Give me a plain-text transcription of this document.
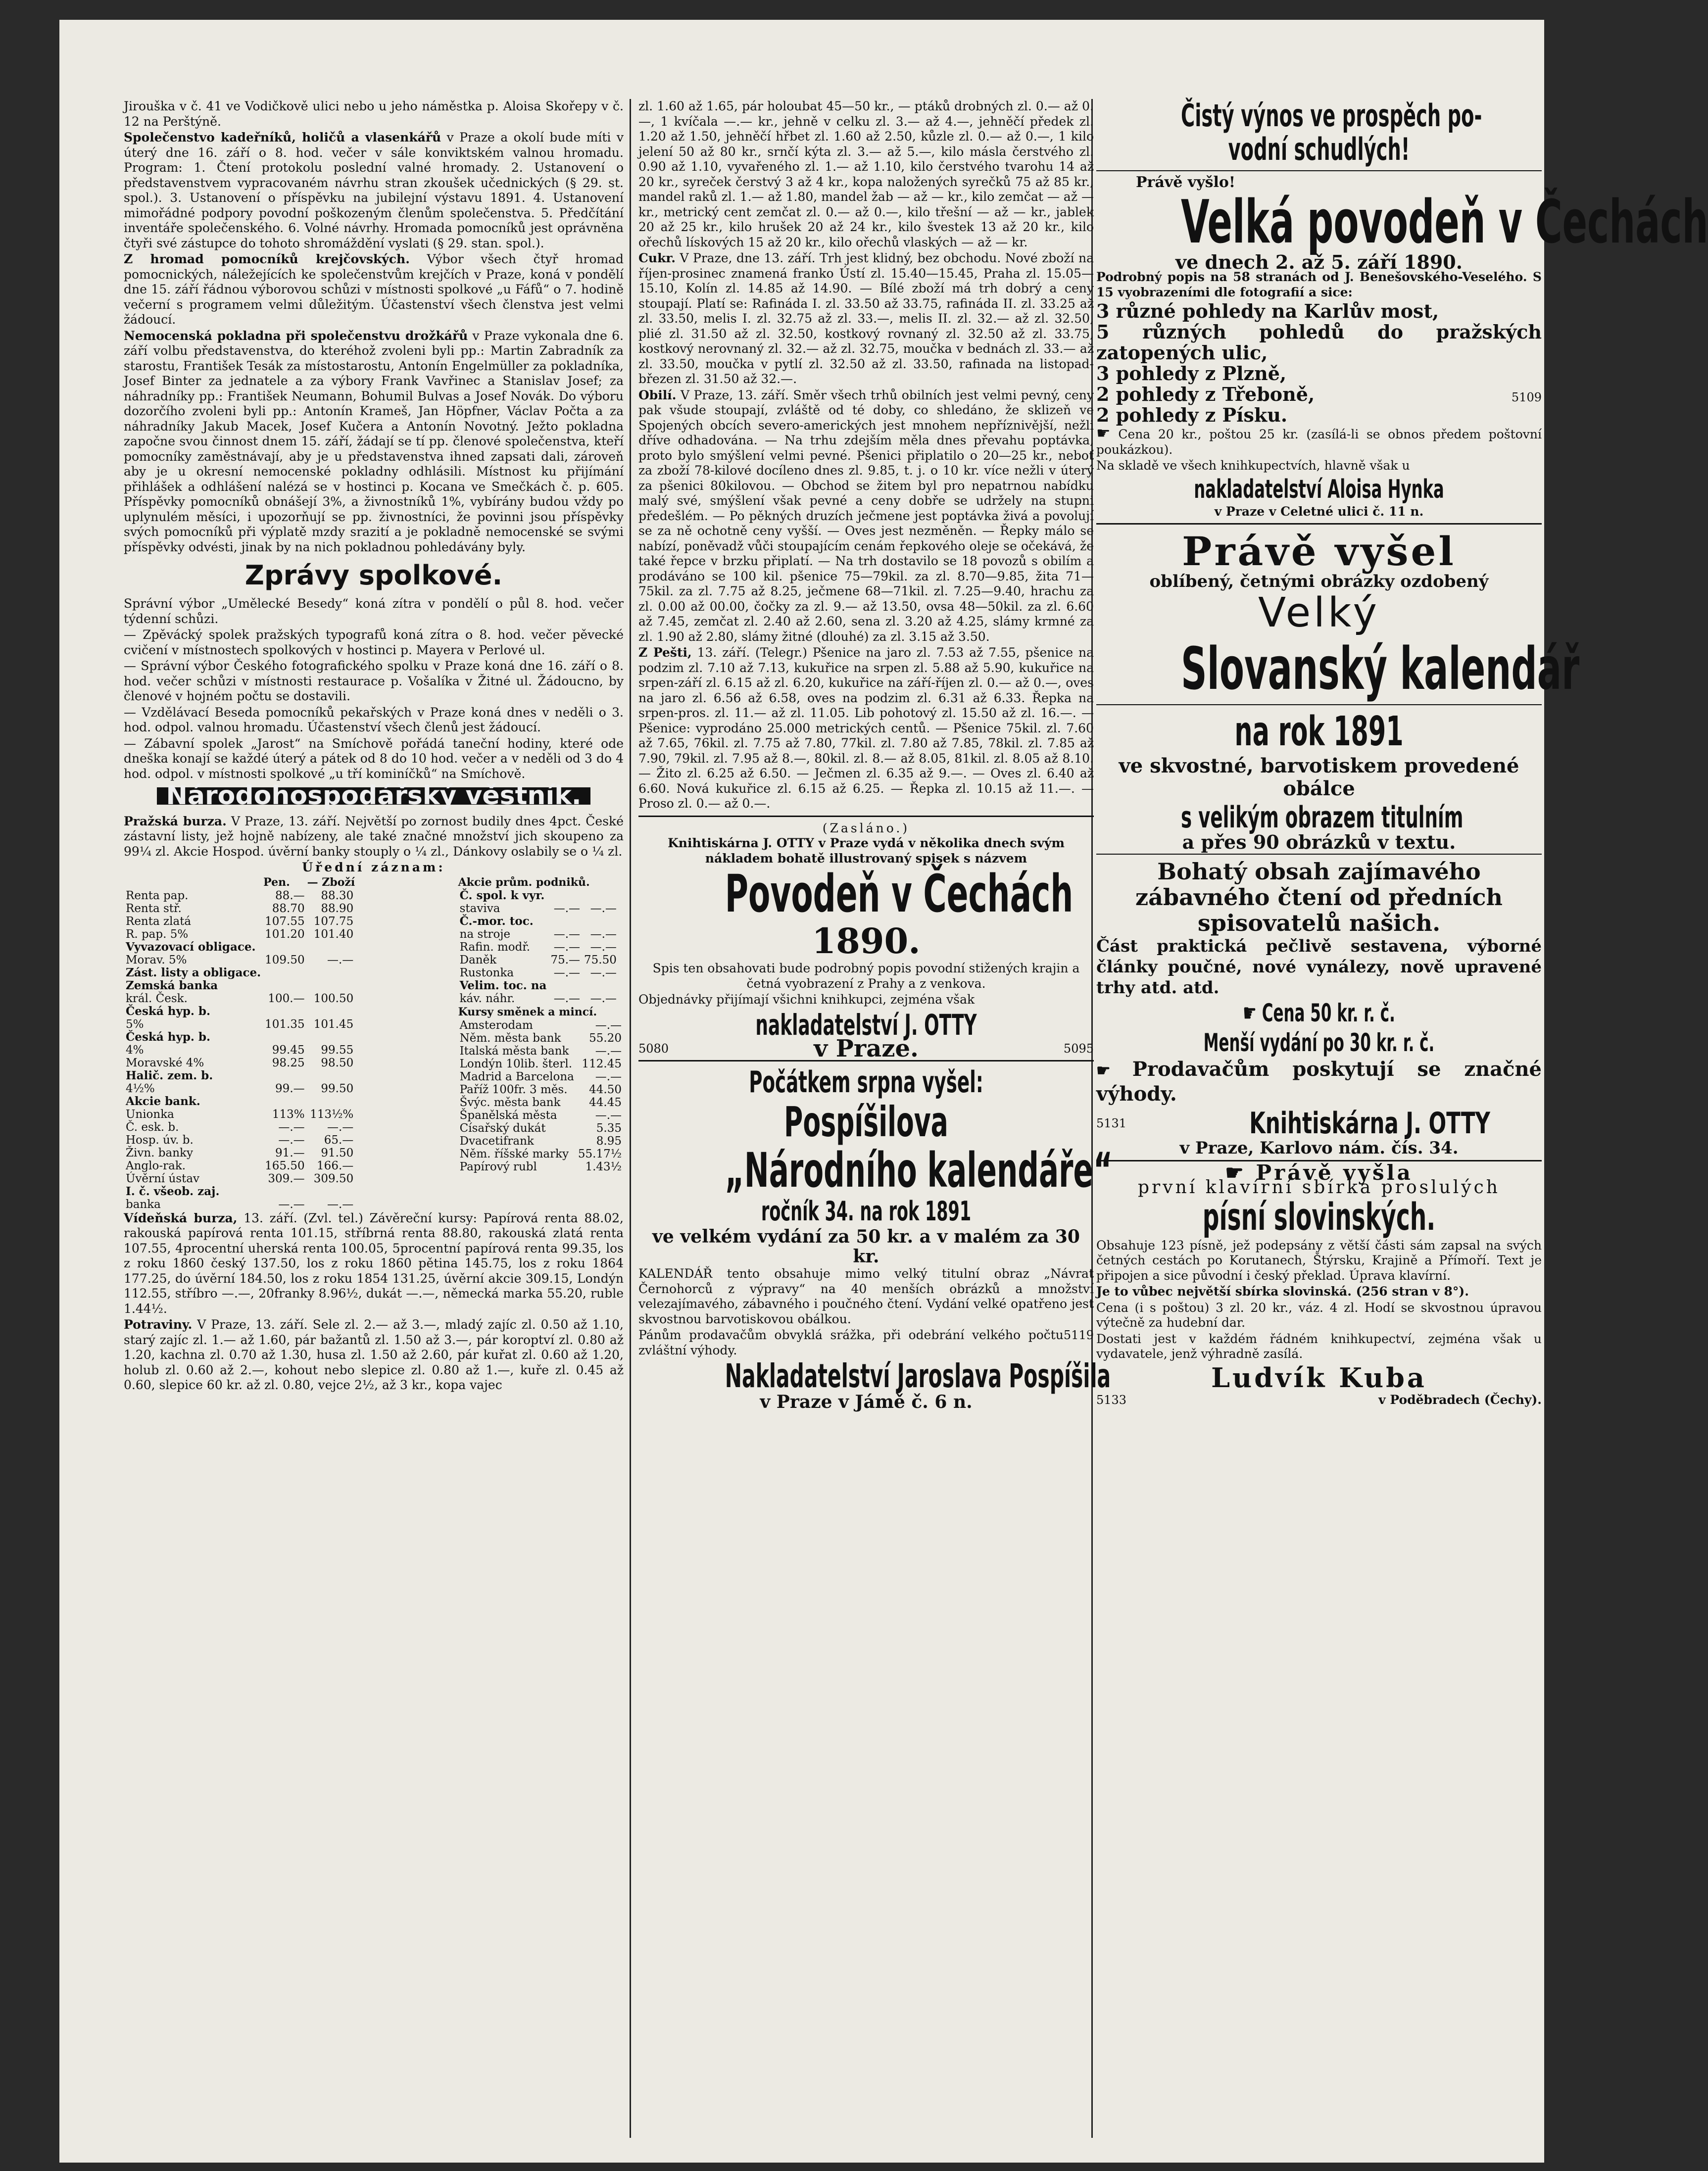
Jirouška v č. 41 ve Vodičkově ulici nebo u jeho náměstka p. Aloisa Skořepy v č. 12 na Perštýně.

Společenstvo kadeřníků, holičů a vlasenkářů v Praze a okolí bude míti v úterý dne 16. září o 8. hod. večer v sále konviktském valnou hromadu. Program: 1. Čtení protokolu poslední valné hromady. 2. Ustanovení o představenstvem vypracovaném návrhu stran zkoušek učednických (§ 29. st. spol.). 3. Ustanovení o příspěvku na jubilejní výstavu 1891. 4. Ustanovení mimořádné podpory povodní poškozeným členům společenstva. 5. Předčítání inventáře společenského. 6. Volné návrhy. Hromada pomocníků jest oprávněna čtyři své zástupce do tohoto shromáždění vyslati (§ 29. stan. spol.).

Z hromad pomocníků krejčovských. Výbor všech čtyř hromad pomocnických, náležejících ke společenstvům krejčích v Praze, koná v pondělí dne 15. září řádnou výborovou schůzi v místnosti spolkové „u Fáfů“ o 7. hodině večerní s programem velmi důležitým. Účastenství všech členstva jest velmi žádoucí.

Nemocenská pokladna při společenstvu drožkářů v Praze vykonala dne 6. září volbu představenstva, do kteréhož zvoleni byli pp.: Martin Zabradník za starostu, František Tesák za místostarostu, Antonín Engelmüller za pokladníka, Josef Binter za jednatele a za výbory Frank Vavřinec a Stanislav Josef; za náhradníky pp.: František Neumann, Bohumil Bulvas a Josef Novák. Do výboru dozorčího zvoleni byli pp.: Antonín Krameš, Jan Höpfner, Václav Počta a za náhradníky Jakub Macek, Josef Kučera a Antonín Novotný. Ježto pokladna započne svou činnost dnem 15. září, žádají se tí pp. členové společenstva, kteří pomocníky zaměstnávají, aby je u představenstva ihned zapsati dali, zároveň aby je u okresní nemocenské pokladny odhlásili. Místnost ku přijímání přihlášek a odhlášení nalézá se v hostinci p. Kocana ve Smečkách č. p. 605. Příspěvky pomocníků obnášejí 3%, a živnostníků 1%, vybírány budou vždy po uplynulém měsíci, i upozorňují se pp. živnostníci, že povinni jsou příspěvky svých pomocníků při výplatě mzdy srazití a je pokladně nemocenské se svými příspěvky odvésti, jinak by na nich pokladnou pohledávány byly.

Zprávy spolkové.

Správní výbor „Umělecké Besedy“ koná zítra v pondělí o půl 8. hod. večer týdenní schůzi.

— Zpěvácký spolek pražských typografů koná zítra o 8. hod. večer pěvecké cvičení v místnostech spolkových v hostinci p. Mayera v Perlové ul.

— Správní výbor Českého fotografického spolku v Praze koná dne 16. září o 8. hod. večer schůzi v místnosti restaurace p. Vošalíka v Žitné ul. Žádoucno, by členové v hojném počtu se dostavili.

— Vzdělávací Beseda pomocníků pekařských v Praze koná dnes v neděli o 3. hod. odpol. valnou hromadu. Účastenství všech členů jest žádoucí.

— Zábavní spolek „Jarost“ na Smíchově pořádá taneční hodiny, které ode dneška konají se každé úterý a pátek od 8 do 10 hod. večer a v neděli od 3 do 4 hod. odpol. v místnosti spolkové „u tří kominíčků“ na Smíchově.

Národohospodářský věstník.

Pražská burza. V Praze, 13. září. Největší po zornost budily dnes 4pct. České zástavní listy, jež hojně nabízeny, ale také značné množství jich skoupeno za 99¼ zl. Akcie Hospod. úvěrní banky stouply o ¼ zl., Dánkovy oslabily se o ¼ zl.

Úřední záznam:
	Pen.	— Zboží
Renta pap.	88.—	88.30
Renta stř.	88.70	88.90
Renta zlatá	107.55	107.75
R. pap. 5%	101.20	101.40
Vyvazovací obligace.		
Morav. 5%	109.50	—.—
Zást. listy a obligace.		
Zemská banka		
král. Česk.	100.—	100.50
Česká hyp. b.		
5%	101.35	101.45
Česká hyp. b.		
4%	99.45	99.55
Moravské 4%	98.25	98.50
Halič. zem. b.		
4½%	99.—	99.50
Akcie bank.		
Unionka	113%	113½%
Č. esk. b.	—.—	—.—
Hosp. úv. b.	—.—	65.—
Živn. banky	91.—	91.50
Anglo-rak.	165.50	166.—
Úvěrní ústav	309.—	309.50
I. č. všeob. zaj.		
banka	—.—	—.—
Akcie prům. podniků.		
Č. spol. k vyr.		
staviva	—.—	—.—
Č.-mor. toc.		
na stroje	—.—	—.—
Rafin. modř.	—.—	—.—
Daněk	75.—	75.50
Rustonka	—.—	—.—
Velim. toc. na		
káv. náhr.	—.—	—.—
Kursy směnek a mincí.	
Amsterodam	—.—
Něm. města bank	55.20
Italská města bank	—.—
Londýn 10lib. šterl.	112.45
Madrid a Barcelona	—.—
Paříž 100fr. 3 měs.	44.50
Švýc. města bank	44.45
Španělská města	—.—
Císařský dukát	5.35
Dvacetifrank	8.95
Něm. říšské marky	55.17½
Papírový rubl	1.43½

Vídeňská burza, 13. září. (Zvl. tel.) Závěreční kursy: Papírová renta 88.02, rakouská papírová renta 101.15, stříbrná renta 88.80, rakouská zlatá renta 107.55, 4procentní uherská renta 100.05, 5procentní papírová renta 99.35, los z roku 1860 český 137.50, los z roku 1860 pětina 145.75, los z roku 1864 177.25, do úvěrní 184.50, los z roku 1854 131.25, úvěrní akcie 309.15, Londýn 112.55, stříbro —.—, 20franky 8.96½, dukát —.—, německá marka 55.20, ruble 1.44½.

Potraviny. V Praze, 13. září. Sele zl. 2.— až 3.—, mladý zajíc zl. 0.50 až 1.10, starý zajíc zl. 1.— až 1.60, pár bažantů zl. 1.50 až 3.—, pár koroptví zl. 0.80 až 1.20, kachna zl. 0.70 až 1.30, husa zl. 1.50 až 2.60, pár kuřat zl. 0.60 až 1.20, holub zl. 0.60 až 2.—, kohout nebo slepice zl. 0.80 až 1.—, kuře zl. 0.45 až 0.60, slepice 60 kr. až zl. 0.80, vejce 2½, až 3 kr., kopa vajec

zl. 1.60 až 1.65, pár holoubat 45—50 kr., — ptáků drobných zl. 0.— až 0.—, 1 kvíčala —.— kr., jehně v celku zl. 3.— až 4.—, jehněčí předek zl. 1.20 až 1.50, jehněčí hřbet zl. 1.60 až 2.50, kůzle zl. 0.— až 0.—, 1 kilo jelení 50 až 80 kr., srnčí kýta zl. 3.— až 5.—, kilo másla čerstvého zl. 0.90 až 1.10, vyvařeného zl. 1.— až 1.10, kilo čerstvého tvarohu 14 až 20 kr., syreček čerstvý 3 až 4 kr., kopa naložených syrečků 75 až 85 kr., mandel raků zl. 1.— až 1.80, mandel žab — až — kr., kilo zemčat — až — kr., metrický cent zemčat zl. 0.— až 0.—, kilo třešní — až — kr., jablek 20 až 25 kr., kilo hrušek 20 až 24 kr., kilo švestek 13 až 20 kr., kilo ořechů lískových 15 až 20 kr., kilo ořechů vlaských — až — kr.

Cukr. V Praze, dne 13. září. Trh jest klidný, bez obchodu. Nové zboží na říjen-prosinec znamená franko Ústí zl. 15.40—15.45, Praha zl. 15.05—15.10, Kolín zl. 14.85 až 14.90. — Bílé zboží má trh dobrý a ceny stoupají. Platí se: Rafináda I. zl. 33.50 až 33.75, rafináda II. zl. 33.25 až zl. 33.50, melis I. zl. 32.75 až zl. 33.—, melis II. zl. 32.— až zl. 32.50, plié zl. 31.50 až zl. 32.50, kostkový rovnaný zl. 32.50 až zl. 33.75, kostkový nerovnaný zl. 32.— až zl. 32.75, moučka v bednách zl. 33.— až zl. 33.50, moučka v pytlí zl. 32.50 až zl. 33.50, rafinada na listopad-březen zl. 31.50 až 32.—.

Obilí. V Praze, 13. září. Směr všech trhů obilních jest velmi pevný, ceny pak všude stoupají, zvláště od té doby, co shledáno, že sklizeň ve Spojených obcích severo-amerických jest mnohem nepříznivější, nežli dříve odhadována. — Na trhu zdejším měla dnes převahu poptávka, proto bylo smýšlení velmi pevné. Pšenici připlatilo o 20—25 kr., neboť za zboží 78-kilové docíleno dnes zl. 9.85, t. j. o 10 kr. více nežli v úterý za pšenici 80kilovou. — Obchod se žitem byl pro nepatrnou nabídku malý své, smýšlení však pevné a ceny dobře se udržely na stupni předešlém. — Po pěkných druzích ječmene jest poptávka živá a povolují se za ně ochotně ceny vyšší. — Oves jest nezměněn. — Řepky málo se nabízí, poněvadž vůči stoupajícím cenám řepkového oleje se očekává, že také řepce v brzku připlatí. — Na trh dostavilo se 18 povozů s obilím a prodáváno se 100 kil. pšenice 75—79kil. za zl. 8.70—9.85, žita 71—75kil. za zl. 7.75 až 8.25, ječmene 68—71kil. zl. 7.25—9.40, hrachu za zl. 0.00 až 00.00, čočky za zl. 9.— až 13.50, ovsa 48—50kil. za zl. 6.60 až 7.45, zemčat zl. 2.40 až 2.60, sena zl. 3.20 až 4.25, slámy krmné za zl. 1.90 až 2.80, slámy žitné (dlouhé) za zl. 3.15 až 3.50.

Z Pešti, 13. září. (Telegr.) Pšenice na jaro zl. 7.53 až 7.55, pšenice na podzim zl. 7.10 až 7.13, kukuřice na srpen zl. 5.88 až 5.90, kukuřice na srpen-září zl. 6.15 až zl. 6.20, kukuřice na září-říjen zl. 0.— až 0.—, oves na jaro zl. 6.56 až 6.58, oves na podzim zl. 6.31 až 6.33. Řepka na srpen-pros. zl. 11.— až zl. 11.05. Lib pohotový zl. 15.50 až zl. 16.—. — Pšenice: vyprodáno 25.000 metrických centů. — Pšenice 75kil. zl. 7.60 až 7.65, 76kil. zl. 7.75 až 7.80, 77kil. zl. 7.80 až 7.85, 78kil. zl. 7.85 až 7.90, 79kil. zl. 7.95 až 8.—, 80kil. zl. 8.— až 8.05, 81kil. zl. 8.05 až 8.10. — Žito zl. 6.25 až 6.50. — Ječmen zl. 6.35 až 9.—. — Oves zl. 6.40 až 6.60. Nová kukuřice zl. 6.15 až 6.25. — Řepka zl. 10.15 až 11.—. — Proso zl. 0.— až 0.—.

(Zasláno.)
Knihtiskárna J. OTTY v Praze vydá v několika dnech svým nákladem bohatě illustrovaný spisek s názvem
Povodeň v Čechách
1890.

Spis ten obsahovati bude podrobný popis povodní stižených krajin a četná vyobrazení z Prahy a z venkova.

Objednávky přijímají všichni knihkupci, zejména však

nakladatelství J. OTTY
5080	v Praze.	5095
Počátkem srpna vyšel:
Pospíšilova
„Národního kalendáře“
ročník 34. na rok 1891
ve velkém vydání za 50 kr. a v malém za 30 kr.

KALENDÁŘ tento obsahuje mimo velký titulní obraz „Návrat Černohorců z výpravy“ na 40 menších obrázků a množství velezajímavého, zábavného i poučného čtení. Vydání velké opatřeno jest skvostnou barvotiskovou obálkou.

Pánům prodavačům obvyklá srážka, při odebrání velkého počtu zvláštní výhody.
5119
Nakladatelství Jaroslava Pospíšila
v Praze v Jámě č. 6 n.
Čistý výnos ve prospěch po-
vodní schudlých!
Právě vyšlo!
Velká povodeň v Čechách
ve dnech 2. až 5. září 1890.

Podrobný popis na 58 stranách od J. Benešovského-Veselého. S 15 vyobrazeními dle fotografií a sice:

3 různé pohledy na Karlův most,
5 různých pohledů do pražských zatopených ulic,
3 pohledy z Plzně,
2 pohledy z Třeboně,	5109
2 pohledy z Písku.

☛ Cena 20 kr., poštou 25 kr. (zasílá-li se obnos předem poštovní poukázkou).

Na skladě ve všech knihkupectvích, hlavně však u

nakladatelství Aloisa Hynka
v Praze v Celetné ulici č. 11 n.
Právě vyšel
oblíbený, četnými obrázky ozdobený
Velký
Slovanský kalendář
na rok 1891
ve skvostné, barvotiskem provedené obálce
s velikým obrazem titulním
a přes 90 obrázků v textu.
Bohatý obsah zajímavého zábavného čtení od předních spisovatelů našich.
Část praktická pečlivě sestavena, výborné články poučné, nové vynálezy, nově upravené trhy atd. atd.
☛ Cena 50 kr. r. č.
Menší vydání po 30 kr. r. č.
☛ Prodavačům poskytují se značné výhody.
5131	Knihtiskárna J. OTTY
v Praze, Karlovo nám. čís. 34.
☛ Právě vyšla
první klavírní sbírka proslulých
písní slovinských.

Obsahuje 123 písně, jež podepsány z větší části sám zapsal na svých četných cestách po Korutanech, Štýrsku, Krajině a Přímoří. Text je připojen a sice původní i český překlad. Úprava klavírní.

Je to vůbec největší sbírka slovinská. (256 stran v 8°).

Cena (i s poštou) 3 zl. 20 kr., váz. 4 zl. Hodí se skvostnou úpravou výtečně za hudební dar.

Dostati jest v každém řádném knihkupectví, zejména však u vydavatele, jenž výhradně zasílá.

Ludvík Kuba
5133	v Poděbradech (Čechy).
